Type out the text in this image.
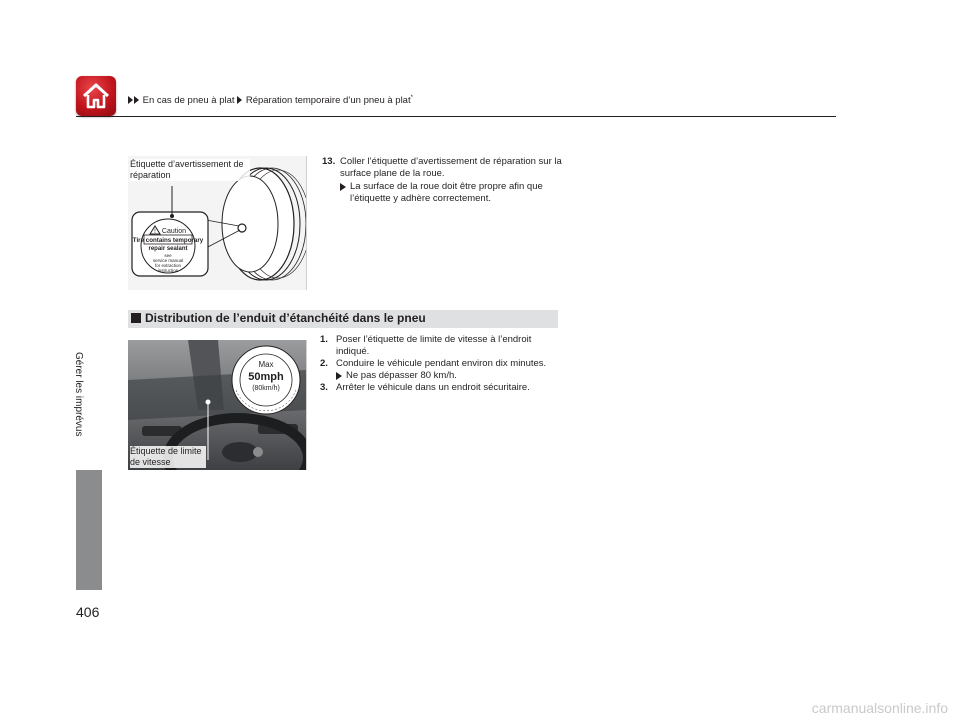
En cas de pneu à plat Réparation temporaire d’un pneu à plat*
Gérer les imprévus
406
! Caution
Tire contains temporary
repair sealant
see
service manual
for extraction
instruction
Étiquette d’avertissement de réparation
13. Coller l’étiquette d’avertissement de réparation sur la surface plane de la roue.
La surface de la roue doit être propre afin que l’étiquette y adhère correctement.
Distribution de l’enduit d’étanchéité dans le pneu
Max
50mph
(80km/h)
Étiquette de limite de vitesse
1. Poser l’étiquette de limite de vitesse à l’endroit indiqué.
2. Conduire le véhicule pendant environ dix minutes.
Ne pas dépasser 80 km/h.
3. Arrêter le véhicule dans un endroit sécuritaire.
carmanualsonline.info
